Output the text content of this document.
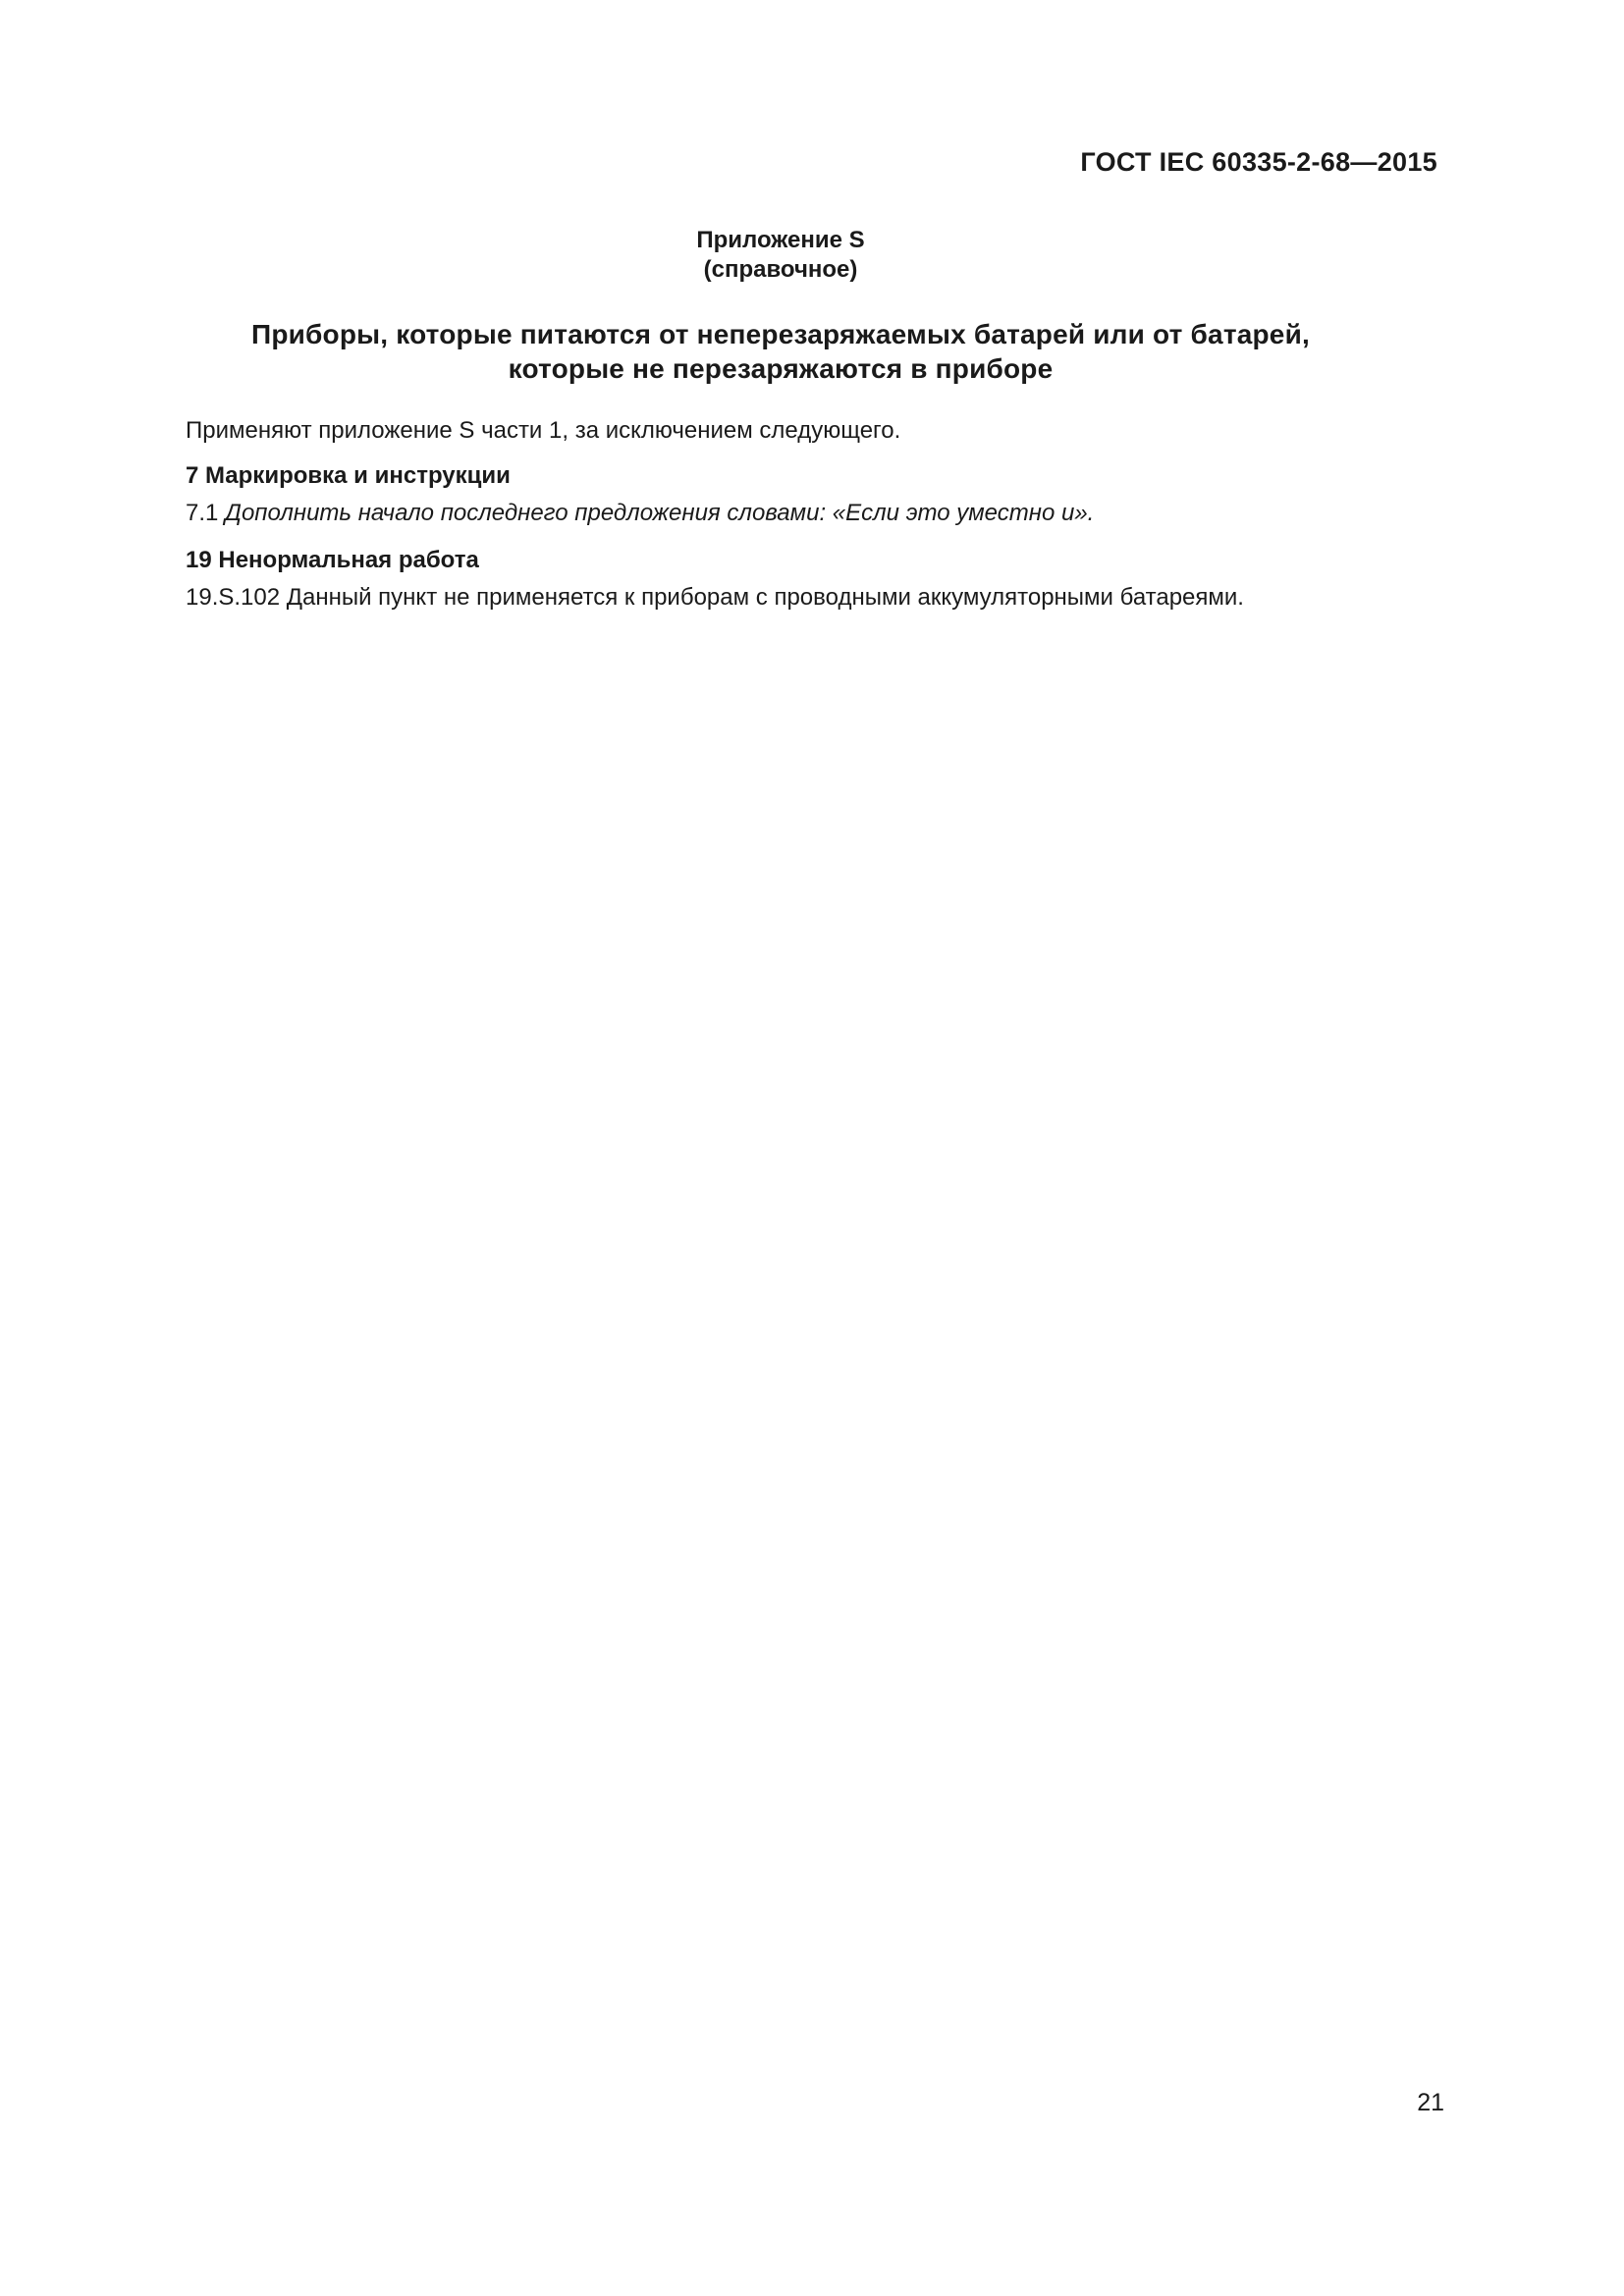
ГОСТ IEC 60335-2-68—2015
Приложение S
(справочное)
Приборы, которые питаются от неперезаряжаемых батарей или от батарей,
которые не перезаряжаются в приборе
Применяют приложение S части 1, за исключением следующего.
7 Маркировка и инструкции
7.1 Дополнить начало последнего предложения словами: «Если это уместно и».
19 Ненормальная работа
19.S.102 Данный пункт не применяется к приборам с проводными аккумуляторными батареями.
21
